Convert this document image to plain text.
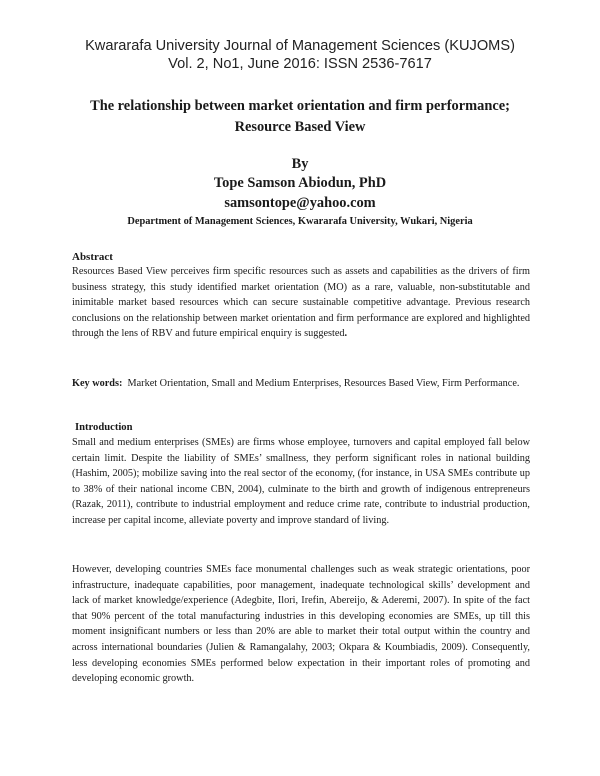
Kwararafa University Journal of Management Sciences (KUJOMS)
Vol. 2, No1, June 2016: ISSN 2536-7617
The relationship between market orientation and firm performance;
Resource Based View
By
Tope Samson Abiodun, PhD
samsontope@yahoo.com
Department of Management Sciences, Kwararafa University, Wukari, Nigeria
Abstract
Resources Based View perceives firm specific resources such as assets and capabilities as the drivers of firm business strategy, this study identified market orientation (MO) as a rare, valuable, non-substitutable and inimitable market based resources which can secure sustainable competitive advantage. Previous research conclusions on the relationship between market orientation and firm performance are explored and highlighted through the lens of RBV and future empirical enquiry is suggested.
Key words:  Market Orientation, Small and Medium Enterprises, Resources Based View, Firm Performance.
Introduction
Small and medium enterprises (SMEs) are firms whose employee, turnovers and capital employed fall below certain limit. Despite the liability of SMEs’ smallness, they perform significant roles in national building (Hashim, 2005); mobilize saving into the real sector of the economy, (for instance, in USA SMEs contribute up to 38% of their national income CBN, 2004), culminate to the birth and growth of indigenous entrepreneurs (Razak, 2011), contribute to industrial employment and reduce crime rate, contribute to industrial production, increase per capital income, alleviate poverty and improve standard of living.
However, developing countries SMEs face monumental challenges such as weak strategic orientations, poor infrastructure, inadequate capabilities, poor management, inadequate technological skills’ development and lack of market knowledge/experience (Adegbite, Ilori, Irefin, Abereijo, & Aderemi, 2007). In spite of the fact that 90% percent of the total manufacturing industries in this developing economies are SMEs, up till this moment insignificant numbers or less than 20% are able to market their total output within the country and across international boundaries (Julien & Ramangalahy, 2003; Okpara & Koumbiadis, 2009). Consequently, less developing economies SMEs performed below expectation in their important roles of promoting and developing economic growth.
